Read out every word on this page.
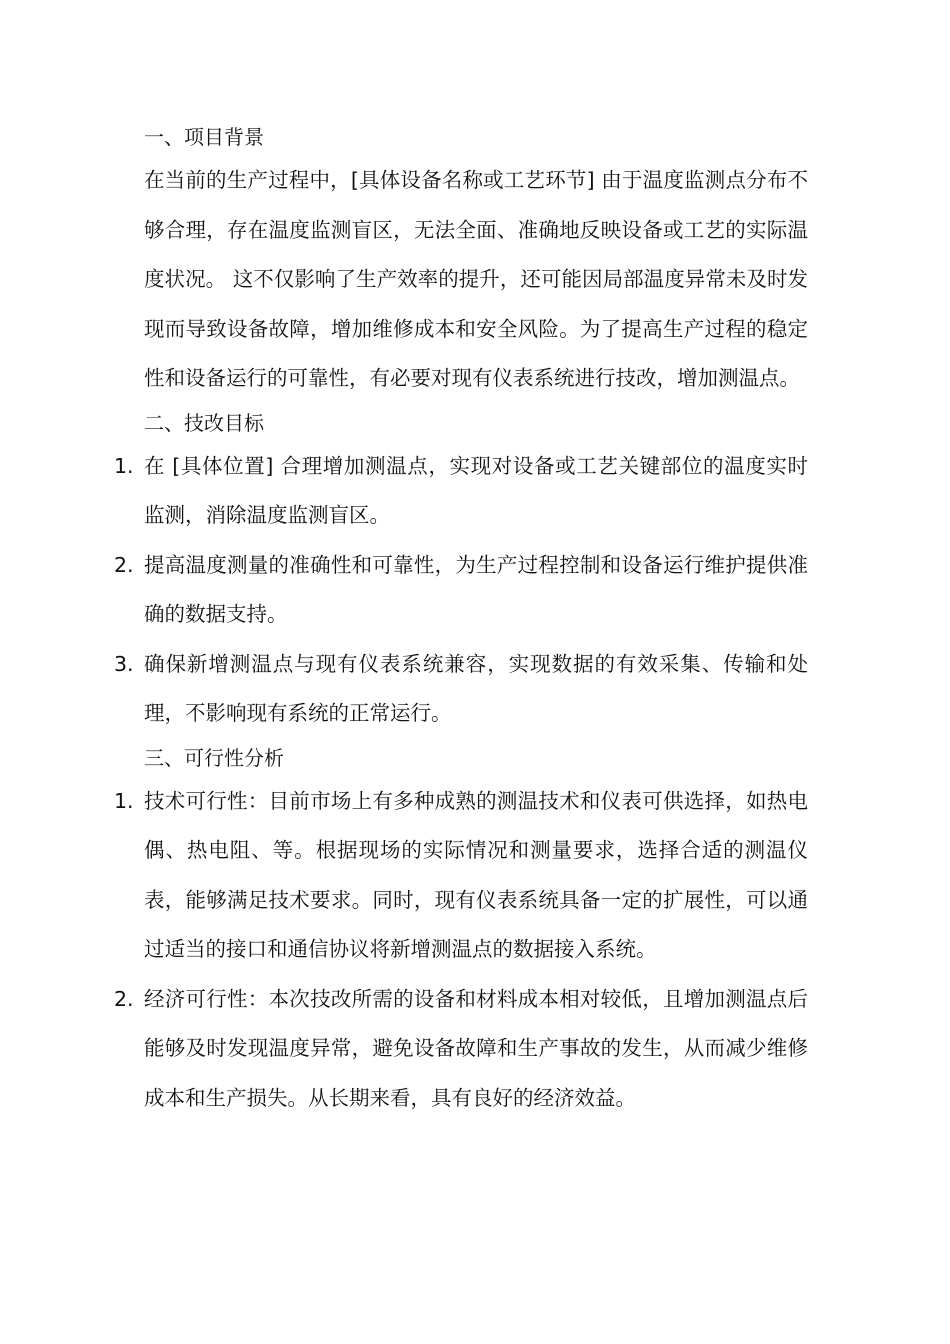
一、项目背景

在当前的生产过程中，[具体设备名称或工艺环节] 由于温度监测点分布不够合理，存在温度监测盲区，无法全面、准确地反映设备或工艺的实际温度状况。 这不仅影响了生产效率的提升，还可能因局部温度异常未及时发现而导致设备故障，增加维修成本和安全风险。为了提高生产过程的稳定性和设备运行的可靠性，有必要对现有仪表系统进行技改，增加测温点。

二、技改目标
1. 在 [具体位置] 合理增加测温点，实现对设备或工艺关键部位的温度实时监测，消除温度监测盲区。
2. 提高温度测量的准确性和可靠性，为生产过程控制和设备运行维护提供准确的数据支持。
3. 确保新增测温点与现有仪表系统兼容，实现数据的有效采集、传输和处理，不影响现有系统的正常运行。
三、可行性分析
1. 技术可行性：目前市场上有多种成熟的测温技术和仪表可供选择，如热电偶、热电阻、等。根据现场的实际情况和测量要求，选择合适的测温仪表，能够满足技术要求。同时，现有仪表系统具备一定的扩展性，可以通过适当的接口和通信协议将新增测温点的数据接入系统。
2. 经济可行性：本次技改所需的设备和材料成本相对较低，且增加测温点后能够及时发现温度异常，避免设备故障和生产事故的发生，从而减少维修成本和生产损失。从长期来看，具有良好的经济效益。
